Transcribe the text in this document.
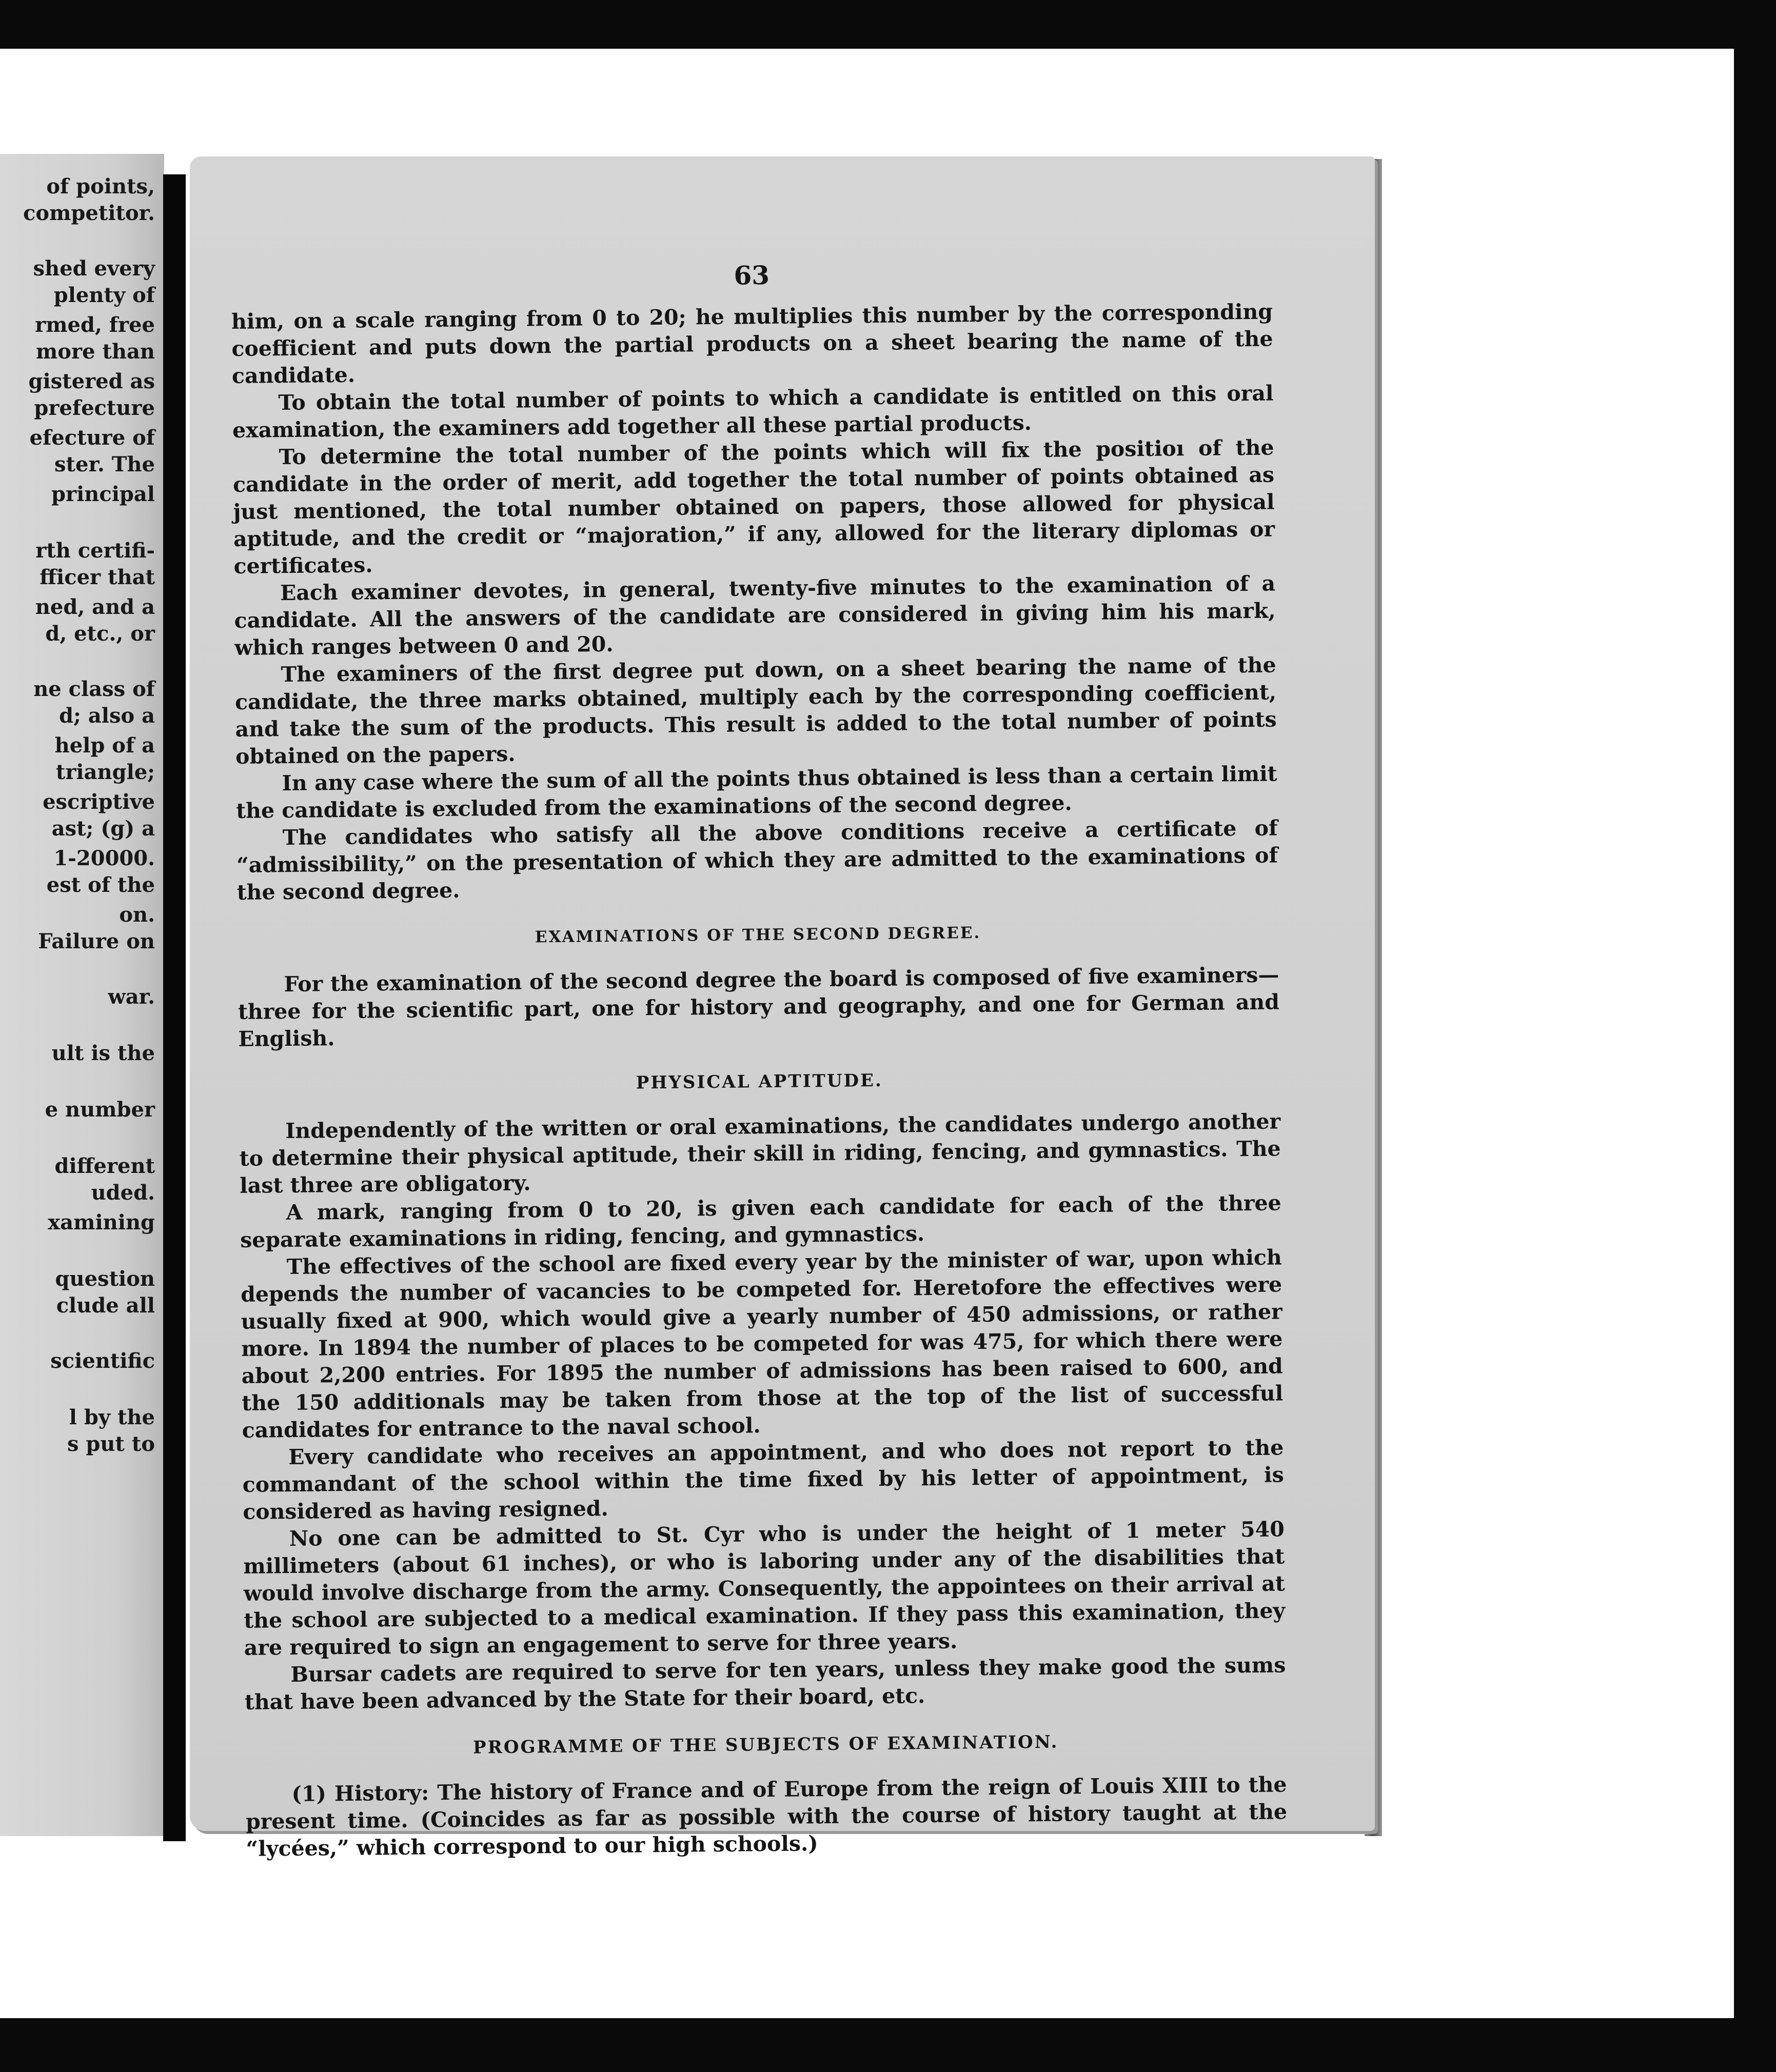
of points,
competitor.
shed every
plenty of
rmed, free
more than
gistered as
prefecture
efecture of
ster. The
principal
rth certifi-
fficer that
ned, and a
d, etc., or
ne class of
d; also a
help of a
triangle;
escriptive
ast; (g) a
1-20000.
est of the
on.
Failure on
war.
ult is the
e number
different
uded.
xamining
question
clude all
scientific
l by the
s put to
63

him, on a scale ranging from 0 to 20; he multiplies this number by the corresponding coefficient and puts down the partial products on a sheet bearing the name of the candidate.

To obtain the total number of points to which a candidate is entitled on this oral examination, the examiners add together all these partial products.

To determine the total number of the points which will fix the positioı of the candidate in the order of merit, add together the total number of points obtained as just mentioned, the total number obtained on papers, those allowed for physical aptitude, and the credit or “majoration,” if any, allowed for the literary diplomas or certificates.

Each examiner devotes, in general, twenty-five minutes to the examination of a candidate. All the answers of the candidate are considered in giving him his mark, which ranges between 0 and 20.

The examiners of the first degree put down, on a sheet bearing the name of the candidate, the three marks obtained, multiply each by the corresponding coefficient, and take the sum of the products. This result is added to the total number of points obtained on the papers.

In any case where the sum of all the points thus obtained is less than a certain limit the candidate is excluded from the examinations of the second degree.

The candidates who satisfy all the above conditions receive a certificate of “admissibility,” on the presentation of which they are admitted to the examinations of the second degree.

EXAMINATIONS OF THE SECOND DEGREE.

For the examination of the second degree the board is composed of five examiners—three for the scientific part, one for history and geography, and one for German and English.

PHYSICAL APTITUDE.

Independently of the written or oral examinations, the candidates undergo another to determine their physical aptitude, their skill in riding, fencing, and gymnastics. The last three are obligatory.

A mark, ranging from 0 to 20, is given each candidate for each of the three separate examinations in riding, fencing, and gymnastics.

The effectives of the school are fixed every year by the minister of war, upon which depends the number of vacancies to be competed for. Heretofore the effectives were usually fixed at 900, which would give a yearly number of 450 admissions, or rather more. In 1894 the number of places to be competed for was 475, for which there were about 2,200 entries. For 1895 the number of admissions has been raised to 600, and the 150 additionals may be taken from those at the top of the list of successful candidates for entrance to the naval school.

Every candidate who receives an appointment, and who does not report to the commandant of the school within the time fixed by his letter of appointment, is considered as having resigned.

No one can be admitted to St. Cyr who is under the height of 1 meter 540 millimeters (about 61 inches), or who is laboring under any of the disabilities that would involve discharge from the army. Consequently, the appointees on their arrival at the school are subjected to a medical examination. If they pass this examination, they are required to sign an engagement to serve for three years.

Bursar cadets are required to serve for ten years, unless they make good the sums that have been advanced by the State for their board, etc.

PROGRAMME OF THE SUBJECTS OF EXAMINATION.

(1) History: The history of France and of Europe from the reign of Louis XIII to the present time. (Coincides as far as possible with the course of history taught at the “lycées,” which correspond to our high schools.)
